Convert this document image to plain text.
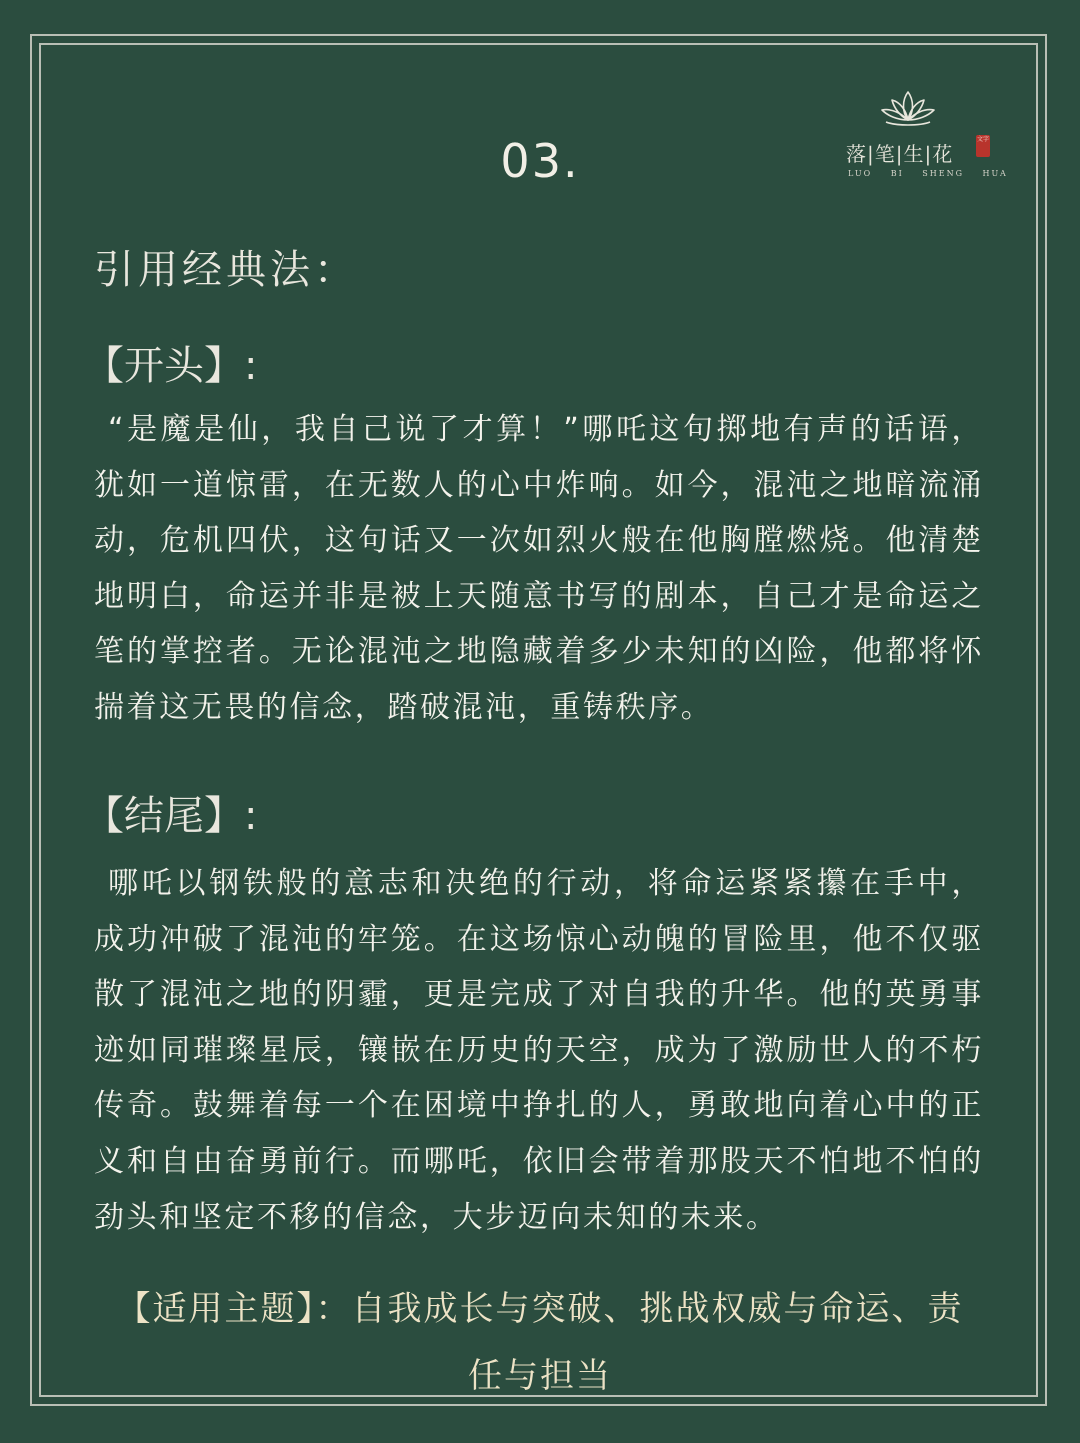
落|笔|生|花
文字
LUO BI SHENG HUA
03.
引用经典法：
【开头】:
“是魔是仙，我自己说了才算！”哪吒这句掷地有声的话语，犹如一道惊雷，在无数人的心中炸响。如今，混沌之地暗流涌动，危机四伏，这句话又一次如烈火般在他胸膛燃烧。他清楚地明白，命运并非是被上天随意书写的剧本，自己才是命运之笔的掌控者。无论混沌之地隐藏着多少未知的凶险，他都将怀揣着这无畏的信念，踏破混沌，重铸秩序。
【结尾】:
哪吒以钢铁般的意志和决绝的行动，将命运紧紧攥在手中，成功冲破了混沌的牢笼。在这场惊心动魄的冒险里，他不仅驱散了混沌之地的阴霾，更是完成了对自我的升华。他的英勇事迹如同璀璨星辰，镶嵌在历史的天空，成为了激励世人的不朽传奇。鼓舞着每一个在困境中挣扎的人，勇敢地向着心中的正义和自由奋勇前行。而哪吒，依旧会带着那股天不怕地不怕的劲头和坚定不移的信念，大步迈向未知的未来。
【适用主题】：自我成长与突破、挑战权威与命运、责任与担当
